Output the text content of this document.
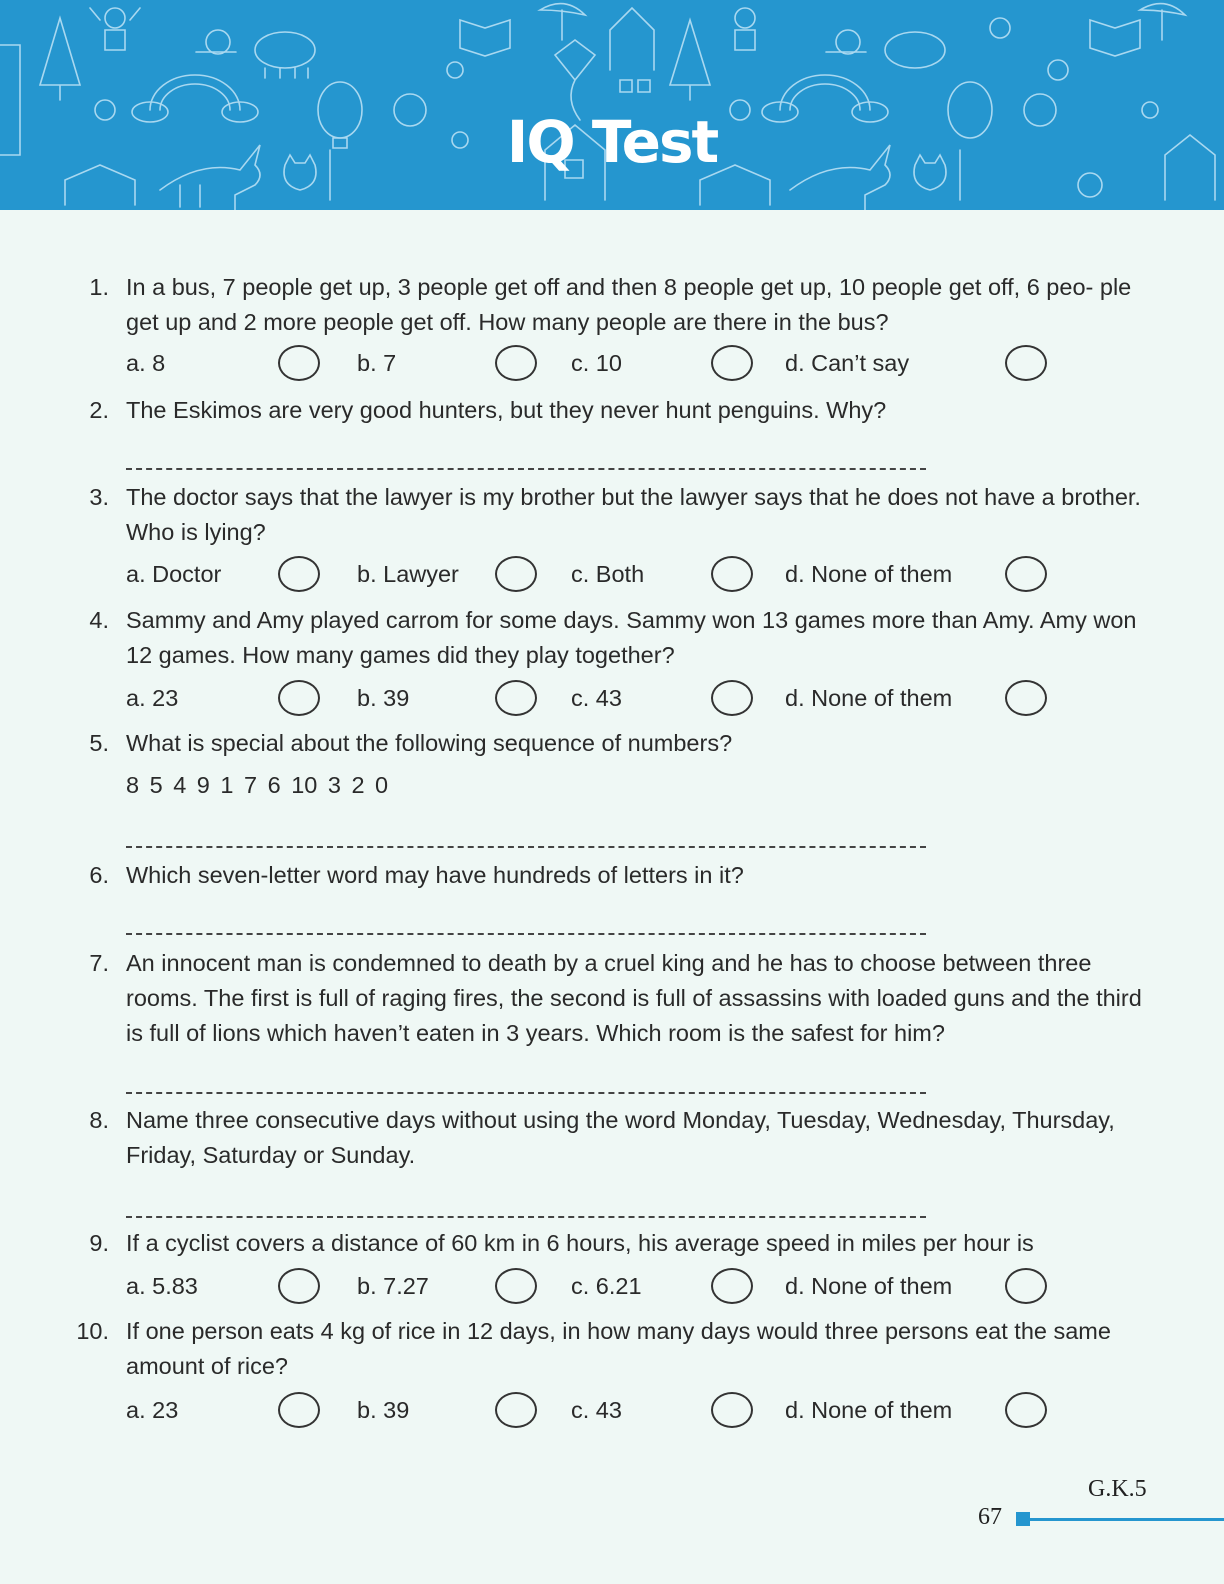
IQ Test
1. In a bus, 7 people get up, 3 people get off and then 8 people get up, 10 people get off, 6 peo- ple get up and 2 more people get off. How many people are there in the bus?
a. 8	b. 7	c. 10	d. Can’t say
2. The Eskimos are very good hunters, but they never hunt penguins. Why?
3. The doctor says that the lawyer is my brother but the lawyer says that he does not have a brother. Who is lying?
a. Doctor	b. Lawyer	c. Both	d. None of them
4. Sammy and Amy played carrom for some days. Sammy won 13 games more than Amy. Amy won 12 games. How many games did they play together?
a. 23	b. 39	c. 43	d. None of them
5. What is special about the following sequence of numbers?
8 5 4 9 1 7 6 10 3 2 0
6. Which seven-letter word may have hundreds of letters in it?
7. An innocent man is condemned to death by a cruel king and he has to choose between three rooms. The first is full of raging fires, the second is full of assassins with loaded guns and the third is full of lions which haven’t eaten in 3 years. Which room is the safest for him?
8. Name three consecutive days without using the word Monday, Tuesday, Wednesday, Thursday, Friday, Saturday or Sunday.
9. If a cyclist covers a distance of 60 km in 6 hours, his average speed in miles per hour is
a. 5.83	b. 7.27	c. 6.21	d. None of them
10. If one person eats 4 kg of rice in 12 days, in how many days would three persons eat the same amount of rice?
a. 23	b. 39	c. 43	d. None of them
G.K.5
67
